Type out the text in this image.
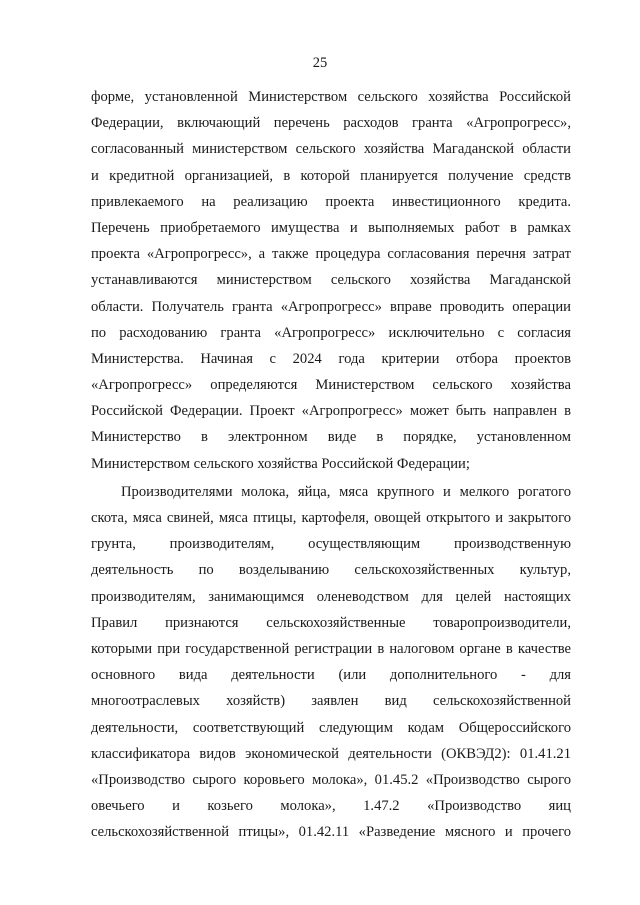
25
форме, установленной Министерством сельского хозяйства Российской
Федерации, включающий перечень расходов гранта «Агропрогресс»,
согласованный министерством сельского хозяйства Магаданской области
и кредитной организацией, в которой планируется получение средств
привлекаемого на реализацию проекта инвестиционного кредита.
Перечень приобретаемого имущества и выполняемых работ в рамках
проекта «Агропрогресс», а также процедура согласования перечня затрат
устанавливаются министерством сельского хозяйства Магаданской
области. Получатель гранта «Агропрогресс» вправе проводить операции
по расходованию гранта «Агропрогресс» исключительно с согласия
Министерства. Начиная с 2024 года критерии отбора проектов
«Агропрогресс» определяются Министерством сельского хозяйства
Российской Федерации. Проект «Агропрогресс» может быть направлен в
Министерство в электронном виде в порядке, установленном
Министерством сельского хозяйства Российской Федерации;
Производителями молока, яйца, мяса крупного и мелкого рогатого
скота, мяса свиней, мяса птицы, картофеля, овощей открытого и закрытого
грунта, производителям, осуществляющим производственную
деятельность по возделыванию сельскохозяйственных культур,
производителям, занимающимся оленеводством для целей настоящих
Правил признаются сельскохозяйственные товаропроизводители,
которыми при государственной регистрации в налоговом органе в качестве
основного вида деятельности (или дополнительного - для
многоотраслевых хозяйств) заявлен вид сельскохозяйственной
деятельности, соответствующий следующим кодам Общероссийского
классификатора видов экономической деятельности (ОКВЭД2): 01.41.21
«Производство сырого коровьего молока», 01.45.2 «Производство сырого
овечьего и козьего молока», 1.47.2 «Производство яиц
сельскохозяйственной птицы», 01.42.11 «Разведение мясного и прочего
